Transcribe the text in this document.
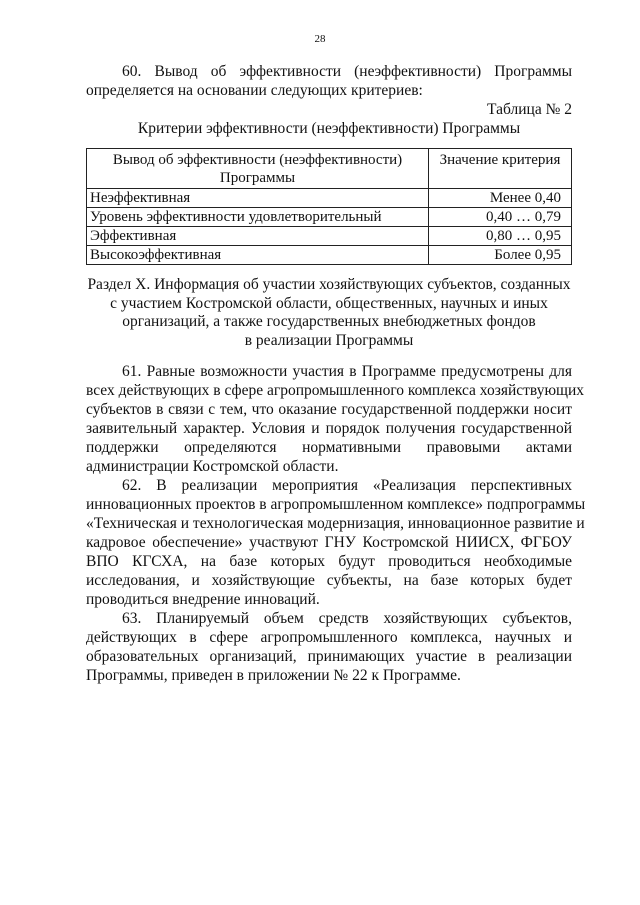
28
60. Вывод об эффективности (неэффективности) Программы
определяется на основании следующих критериев:
Таблица № 2
Критерии эффективности (неэффективности) Программы
Вывод об эффективности (неэффективности) Программы	Значение критерия
Неэффективная	Менее 0,40
Уровень эффективности удовлетворительный	0,40 … 0,79
Эффективная	0,80 … 0,95
Высокоэффективная	Более 0,95
Раздел X. Информация об участии хозяйствующих субъектов, созданных
с участием Костромской области, общественных, научных и иных
организаций, а также государственных внебюджетных фондов
в реализации Программы
61. Равные возможности участия в Программе предусмотрены для
всех действующих в сфере агропромышленного комплекса хозяйствующих
субъектов в связи с тем, что оказание государственной поддержки носит
заявительный характер. Условия и порядок получения государственной
поддержки определяются нормативными правовыми актами
администрации Костромской области.
62. В реализации мероприятия «Реализация перспективных
инновационных проектов в агропромышленном комплексе» подпрограммы
«Техническая и технологическая модернизация, инновационное развитие и
кадровое обеспечение» участвуют ГНУ Костромской НИИСХ, ФГБОУ
ВПО КГСХА, на базе которых будут проводиться необходимые
исследования, и хозяйствующие субъекты, на базе которых будет
проводиться внедрение инноваций.
63. Планируемый объем средств хозяйствующих субъектов,
действующих в сфере агропромышленного комплекса, научных и
образовательных организаций, принимающих участие в реализации
Программы, приведен в приложении № 22 к Программе.
